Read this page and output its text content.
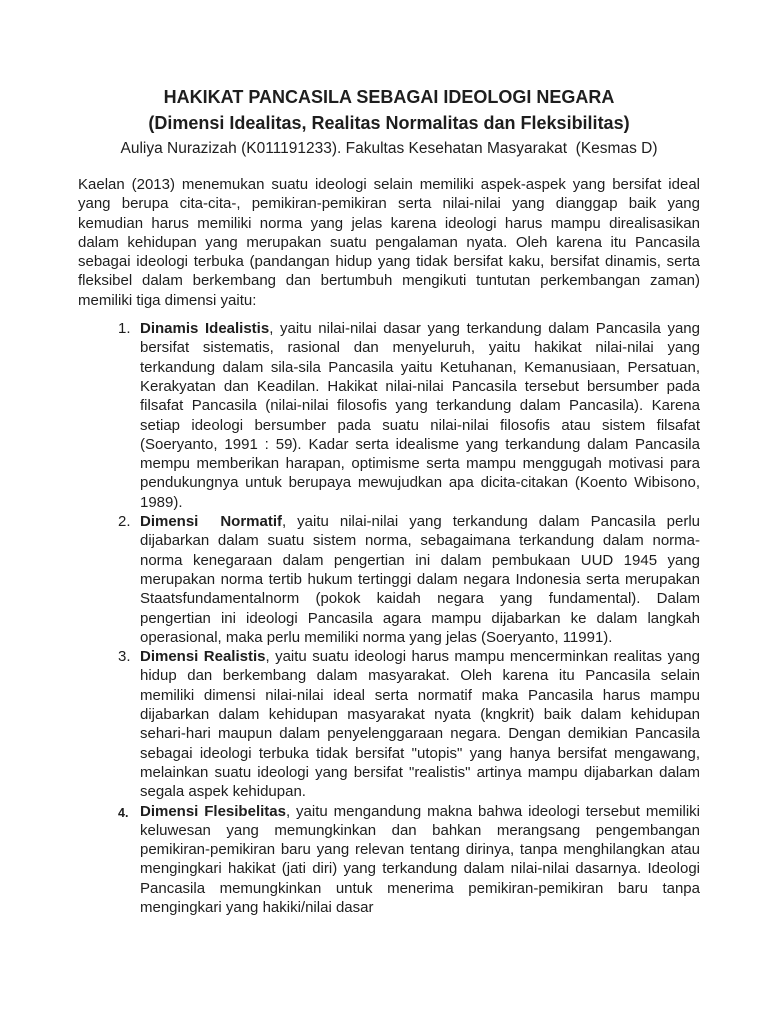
HAKIKAT PANCASILA SEBAGAI IDEOLOGI NEGARA
(Dimensi Idealitas, Realitas Normalitas dan Fleksibilitas)
Auliya Nurazizah (K011191233). Fakultas Kesehatan Masyarakat  (Kesmas D)

Kaelan (2013) menemukan suatu ideologi selain memiliki aspek-aspek yang bersifat ideal yang berupa cita-cita-, pemikiran-pemikiran serta nilai-nilai yang dianggap baik yang kemudian harus memiliki norma yang jelas karena ideologi harus mampu direalisasikan dalam kehidupan yang merupakan suatu pengalaman nyata. Oleh karena itu Pancasila sebagai ideologi terbuka (pandangan hidup yang tidak bersifat kaku, bersifat dinamis, serta fleksibel dalam berkembang dan bertumbuh mengikuti tuntutan perkembangan zaman) memiliki tiga dimensi yaitu:

1. Dinamis Idealistis, yaitu nilai-nilai dasar yang terkandung dalam Pancasila yang bersifat sistematis, rasional dan menyeluruh, yaitu hakikat nilai-nilai yang terkandung dalam sila-sila Pancasila yaitu Ketuhanan, Kemanusiaan, Persatuan, Kerakyatan dan Keadilan. Hakikat nilai-nilai Pancasila tersebut bersumber pada filsafat Pancasila (nilai-nilai filosofis yang terkandung dalam Pancasila). Karena setiap ideologi bersumber pada suatu nilai-nilai filosofis atau sistem filsafat (Soeryanto, 1991 : 59). Kadar serta idealisme yang terkandung dalam Pancasila mempu memberikan harapan, optimisme serta mampu menggugah motivasi para pendukungnya untuk berupaya mewujudkan apa dicita-citakan (Koento Wibisono, 1989).

2. Dimensi  Normatif, yaitu nilai-nilai yang terkandung dalam Pancasila perlu dijabarkan dalam suatu sistem norma, sebagaimana terkandung dalam norma-norma kenegaraan dalam pengertian ini dalam pembukaan UUD 1945 yang merupakan norma tertib hukum tertinggi dalam negara Indonesia serta merupakan Staatsfundamentalnorm (pokok kaidah negara yang fundamental). Dalam pengertian ini ideologi Pancasila agara mampu dijabarkan ke dalam langkah operasional, maka perlu memiliki norma yang jelas (Soeryanto, 11991).

3. Dimensi Realistis, yaitu suatu ideologi harus mampu mencerminkan realitas yang hidup dan berkembang dalam masyarakat. Oleh karena itu Pancasila selain memiliki dimensi nilai-nilai ideal serta normatif maka Pancasila harus mampu dijabarkan dalam kehidupan masyarakat nyata (kngkrit) baik dalam kehidupan sehari-hari maupun dalam penyelenggaraan negara. Dengan demikian Pancasila sebagai ideologi terbuka tidak bersifat "utopis" yang hanya bersifat mengawang, melainkan suatu ideologi yang bersifat "realistis" artinya mampu dijabarkan dalam segala aspek kehidupan.

4. Dimensi Flesibelitas, yaitu mengandung makna bahwa ideologi tersebut memiliki keluwesan yang memungkinkan dan bahkan merangsang pengembangan pemikiran-pemikiran baru yang relevan tentang dirinya, tanpa menghilangkan atau mengingkari hakikat (jati diri) yang terkandung dalam nilai-nilai dasarnya. Ideologi Pancasila memungkinkan untuk menerima pemikiran-pemikiran baru tanpa mengingkari yang hakiki/nilai dasar
